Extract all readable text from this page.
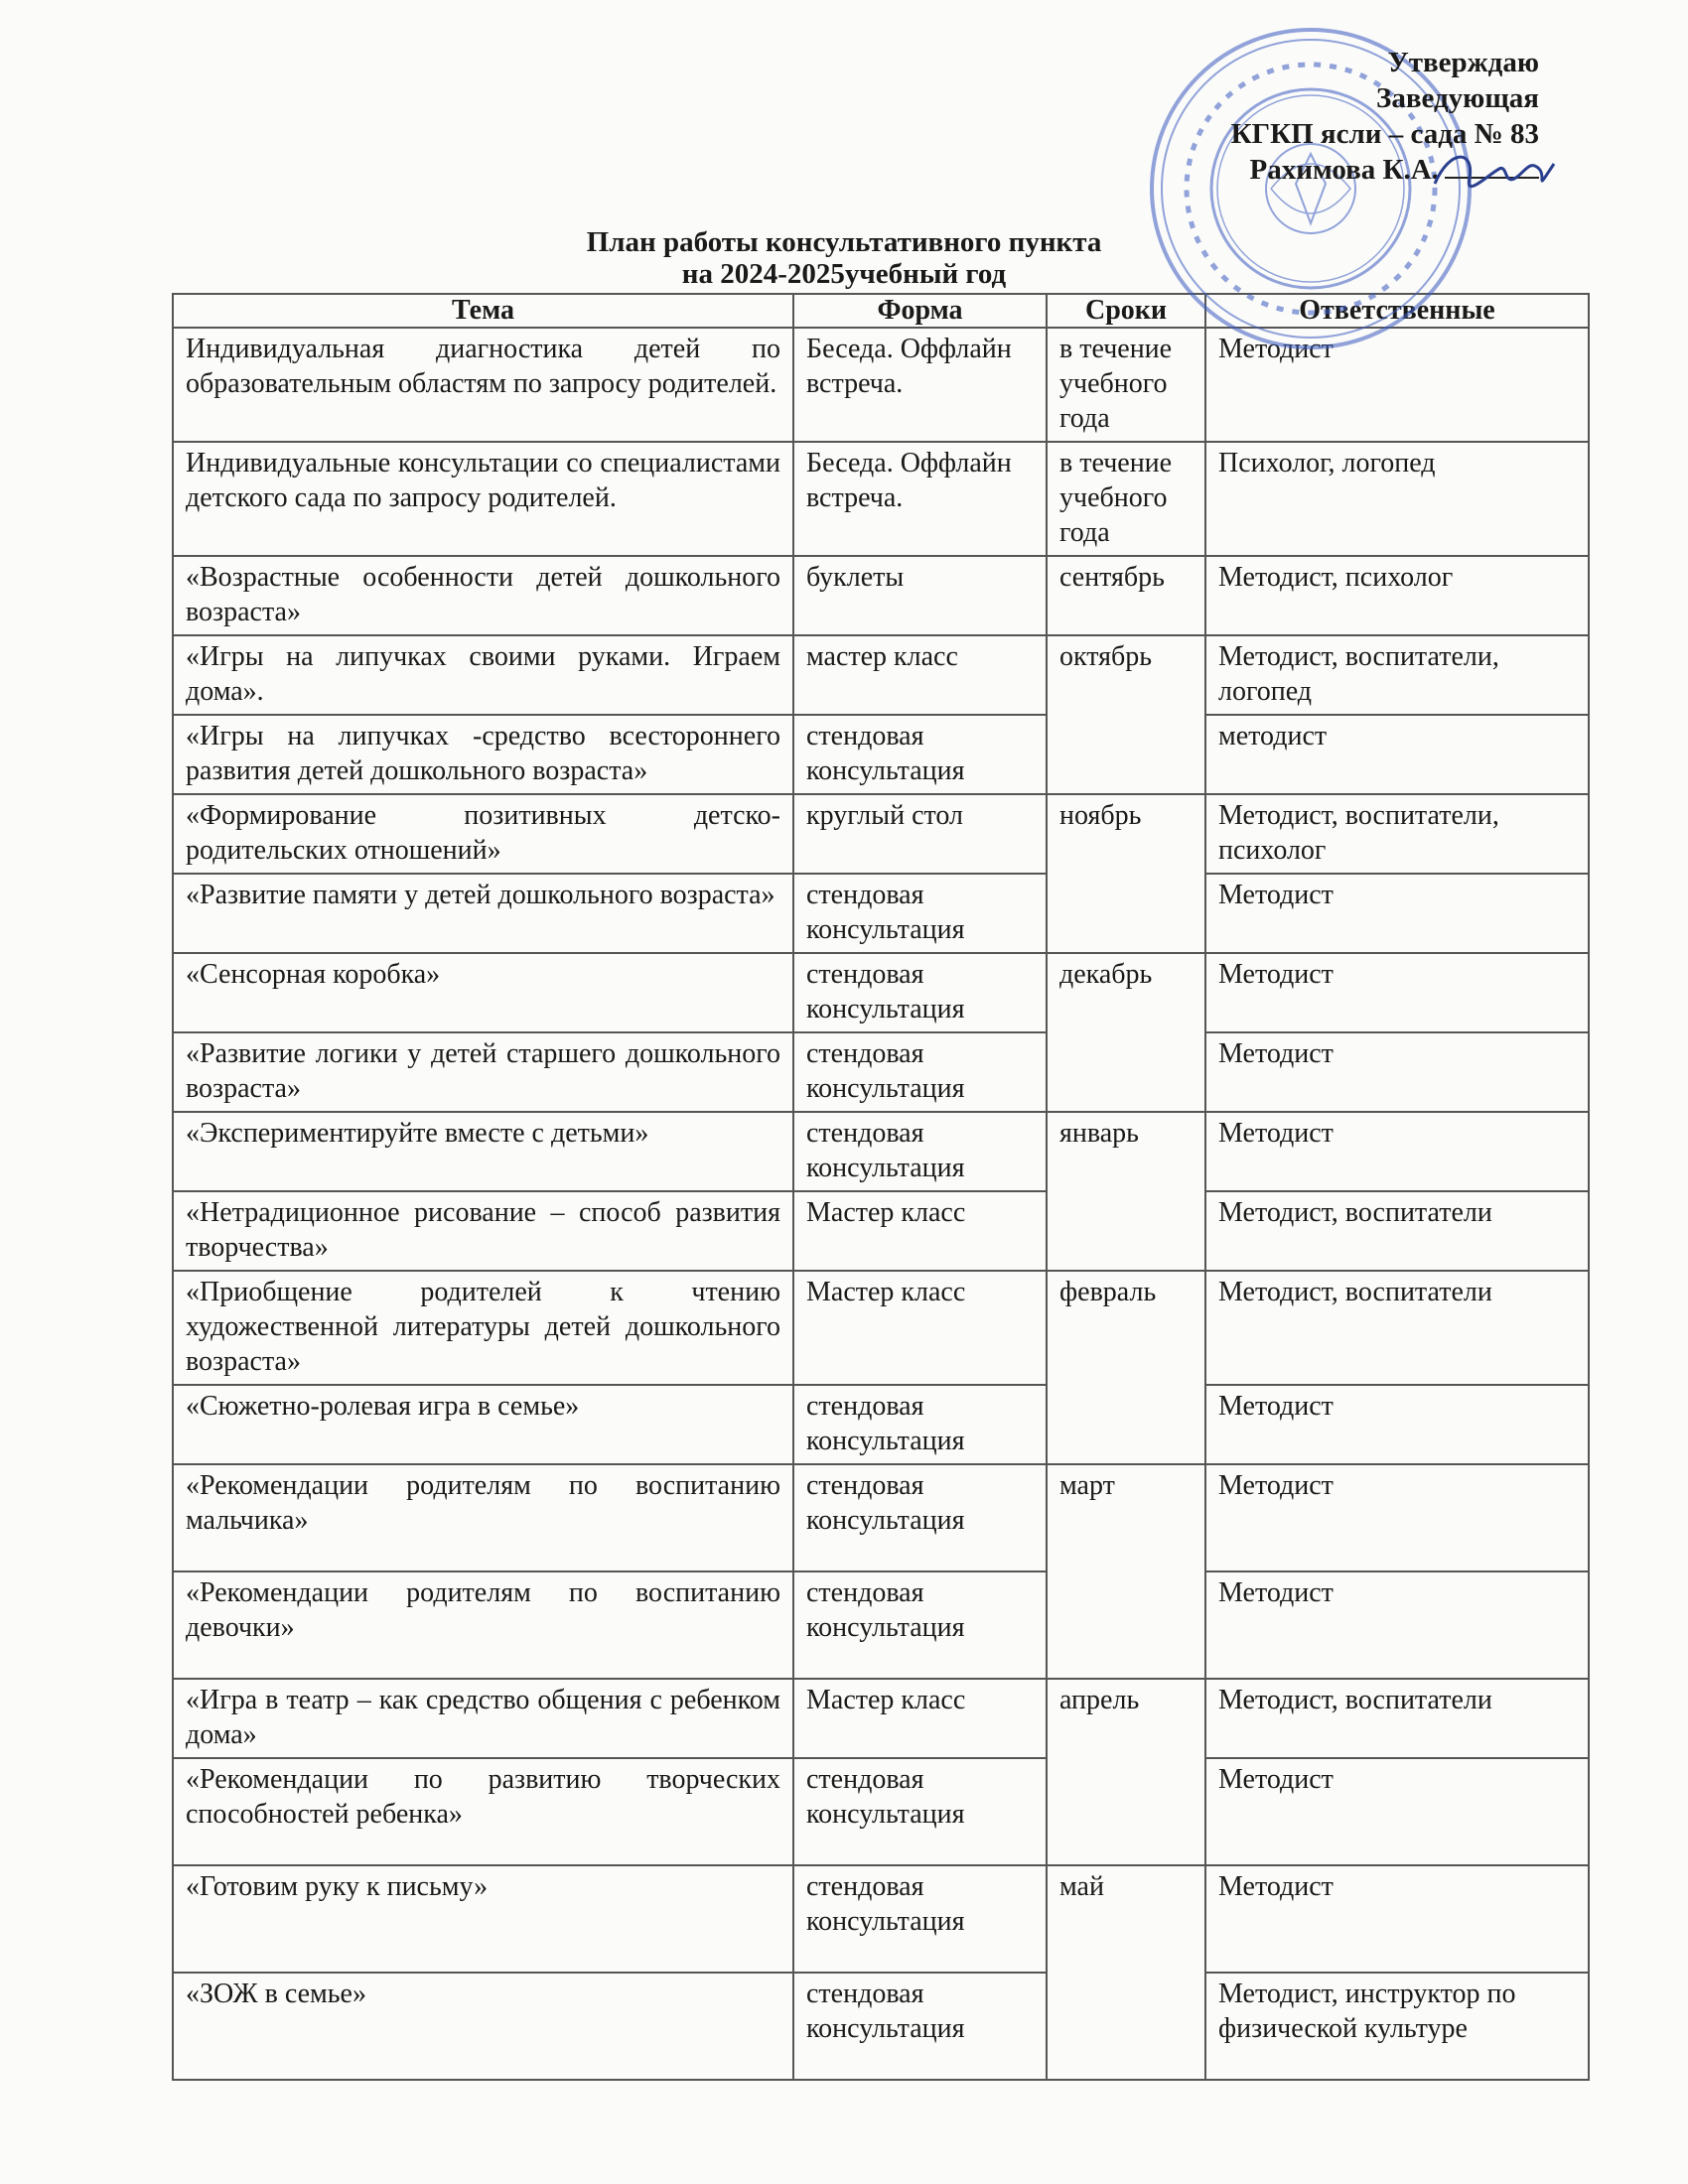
Утверждаю
Заведующая
КГКП ясли – сада № 83
Рахимова К.А.
План работы консультативного пункта
на 2024-2025учебный год
Тема	Форма	Сроки	Ответственные
Индивидуальная диагностика детей по образовательным областям по запросу родителей.	Беседа. Оффлайн встреча.	в течение учебного года	Методист
Индивидуальные консультации со специалистами детского сада по запросу родителей.	Беседа. Оффлайн встреча.	в течение учебного года	Психолог, логопед
«Возрастные особенности детей дошкольного возраста»	буклеты	сентябрь	Методист, психолог
«Игры на липучках своими руками. Играем дома».	мастер класс	октябрь	Методист, воспитатели, логопед
«Игры на липучках -средство всестороннего развития детей дошкольного возраста»	стендовая консультация		методист
«Формирование позитивных детско-родительских отношений»	круглый стол	ноябрь	Методист, воспитатели, психолог
«Развитие памяти у детей дошкольного возраста»	стендовая консультация		Методист
«Сенсорная коробка»	стендовая консультация	декабрь	Методист
«Развитие логики у детей старшего дошкольного возраста»	стендовая консультация		Методист
«Экспериментируйте вместе с детьми»	стендовая консультация	январь	Методист
«Нетрадиционное рисование – способ развития творчества»	Мастер класс		Методист, воспитатели
«Приобщение родителей к чтению художественной литературы детей дошкольного возраста»	Мастер класс	февраль	Методист, воспитатели
«Сюжетно-ролевая игра в семье»	стендовая консультация		Методист
«Рекомендации родителям по воспитанию мальчика»	стендовая консультация	март	Методист
«Рекомендации родителям по воспитанию девочки»	стендовая консультация		Методист
«Игра в театр – как средство общения с ребенком дома»	Мастер класс	апрель	Методист, воспитатели
«Рекомендации по развитию творческих способностей ребенка»	стендовая консультация		Методист
«Готовим руку к письму»	стендовая консультация	май	Методист
«ЗОЖ в семье»	стендовая консультация		Методист, инструктор по физической культуре
